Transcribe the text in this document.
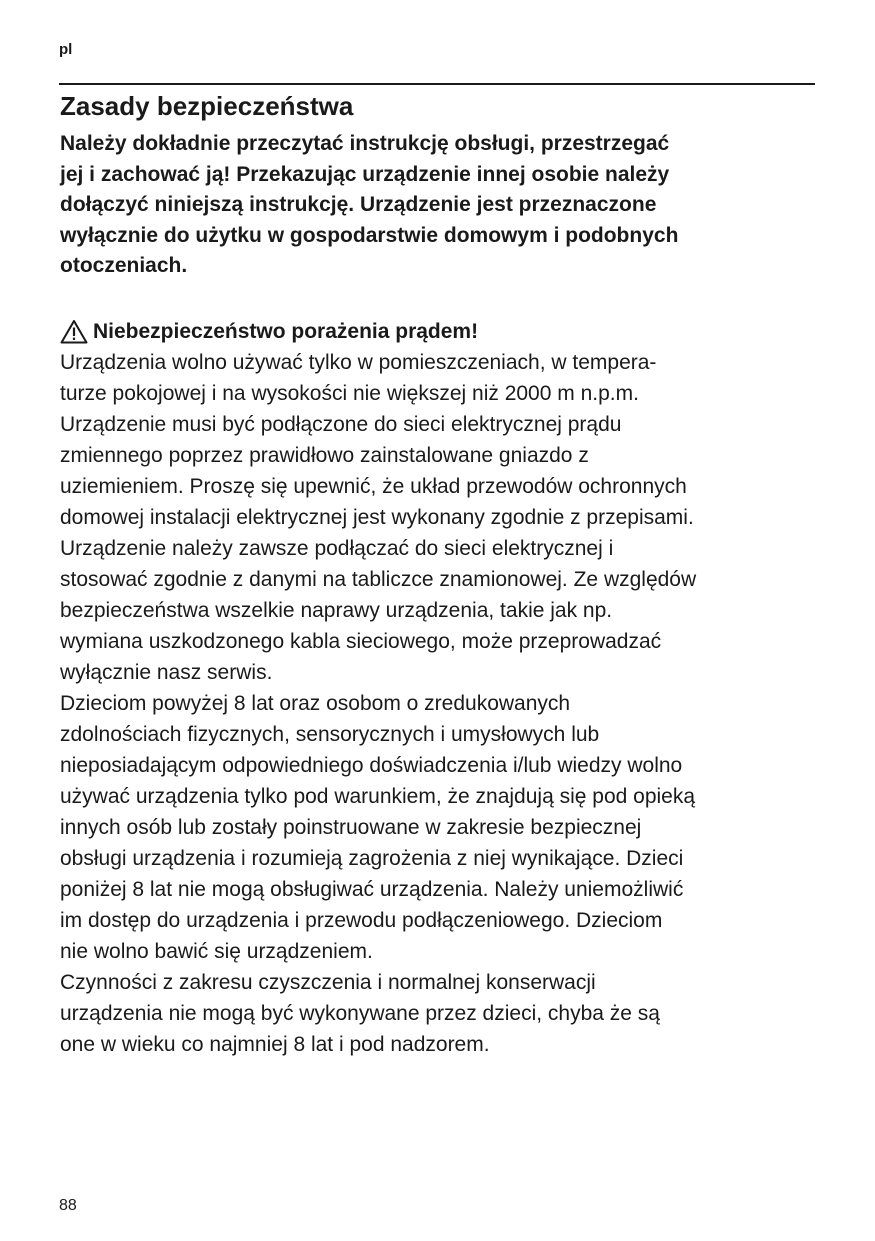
pl
Zasady bezpieczeństwa

Należy dokładnie przeczytać instrukcję obsługi, przestrzegać
jej i zachować ją! Przekazując urządzenie innej osobie należy
dołączyć niniejszą instrukcję. Urządzenie jest przeznaczone
wyłącznie do użytku w gospodarstwie domowym i podobnych
otoczeniach.

Niebezpieczeństwo porażenia prądem!

Urządzenia wolno używać tylko w pomieszczeniach, w tempera-
turze pokojowej i na wysokości nie większej niż 2000 m n.p.m.
Urządzenie musi być podłączone do sieci elektrycznej prądu
zmiennego poprzez prawidłowo zainstalowane gniazdo z
uziemieniem. Proszę się upewnić, że układ przewodów ochronnych
domowej instalacji elektrycznej jest wykonany zgodnie z przepisami.
Urządzenie należy zawsze podłączać do sieci elektrycznej i
stosować zgodnie z danymi na tabliczce znamionowej. Ze względów
bezpieczeństwa wszelkie naprawy urządzenia, takie jak np.
wymiana uszkodzonego kabla sieciowego, może przeprowadzać
wyłącznie nasz serwis.

Dzieciom powyżej 8 lat oraz osobom o zredukowanych
zdolnościach fizycznych, sensorycznych i umysłowych lub
nieposiadającym odpowiedniego doświadczenia i/lub wiedzy wolno
używać urządzenia tylko pod warunkiem, że znajdują się pod opieką
innych osób lub zostały poinstruowane w zakresie bezpiecznej
obsługi urządzenia i rozumieją zagrożenia z niej wynikające. Dzieci
poniżej 8 lat nie mogą obsługiwać urządzenia. Należy uniemożliwić
im dostęp do urządzenia i przewodu podłączeniowego. Dzieciom
nie wolno bawić się urządzeniem.

Czynności z zakresu czyszczenia i normalnej konserwacji
urządzenia nie mogą być wykonywane przez dzieci, chyba że są
one w wieku co najmniej 8 lat i pod nadzorem.

88
